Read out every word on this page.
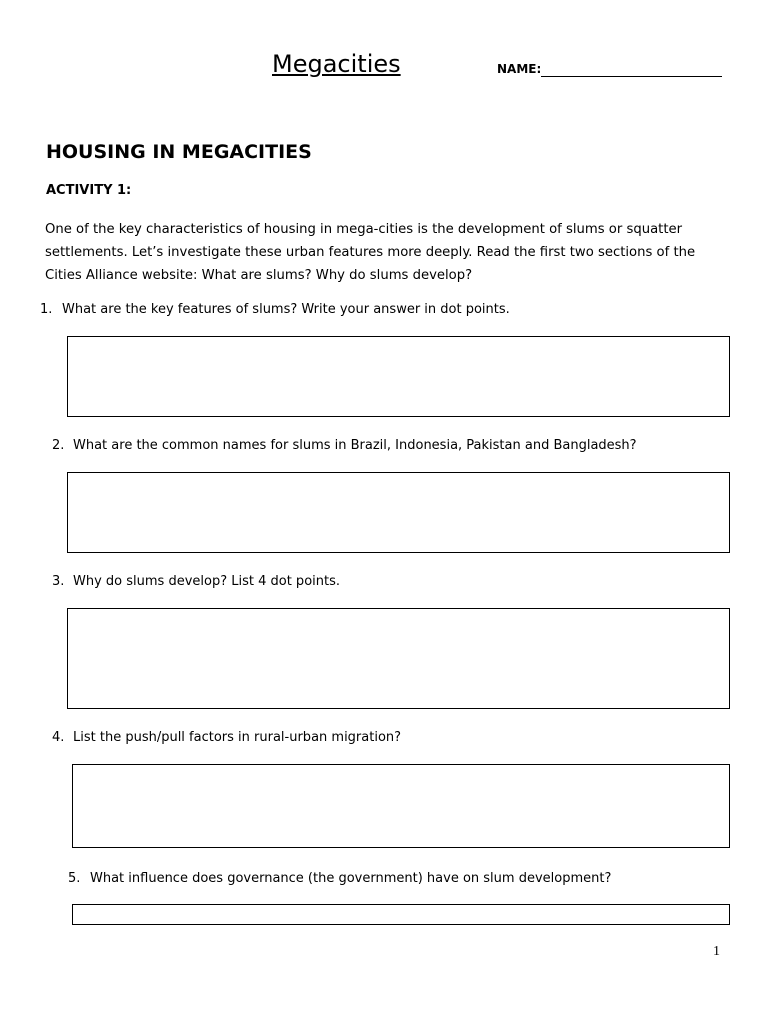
Megacities	NAME:
HOUSING IN MEGACITIES
ACTIVITY 1:
One of the key characteristics of housing in mega-cities is the development of slums or squatter settlements. Let’s investigate these urban features more deeply. Read the first two sections of the Cities Alliance website: What are slums? Why do slums develop?
1. What are the key features of slums? Write your answer in dot points.
2. What are the common names for slums in Brazil, Indonesia, Pakistan and Bangladesh?
3. Why do slums develop? List 4 dot points.
4. List the push/pull factors in rural-urban migration?
5. What influence does governance (the government) have on slum development?
1
